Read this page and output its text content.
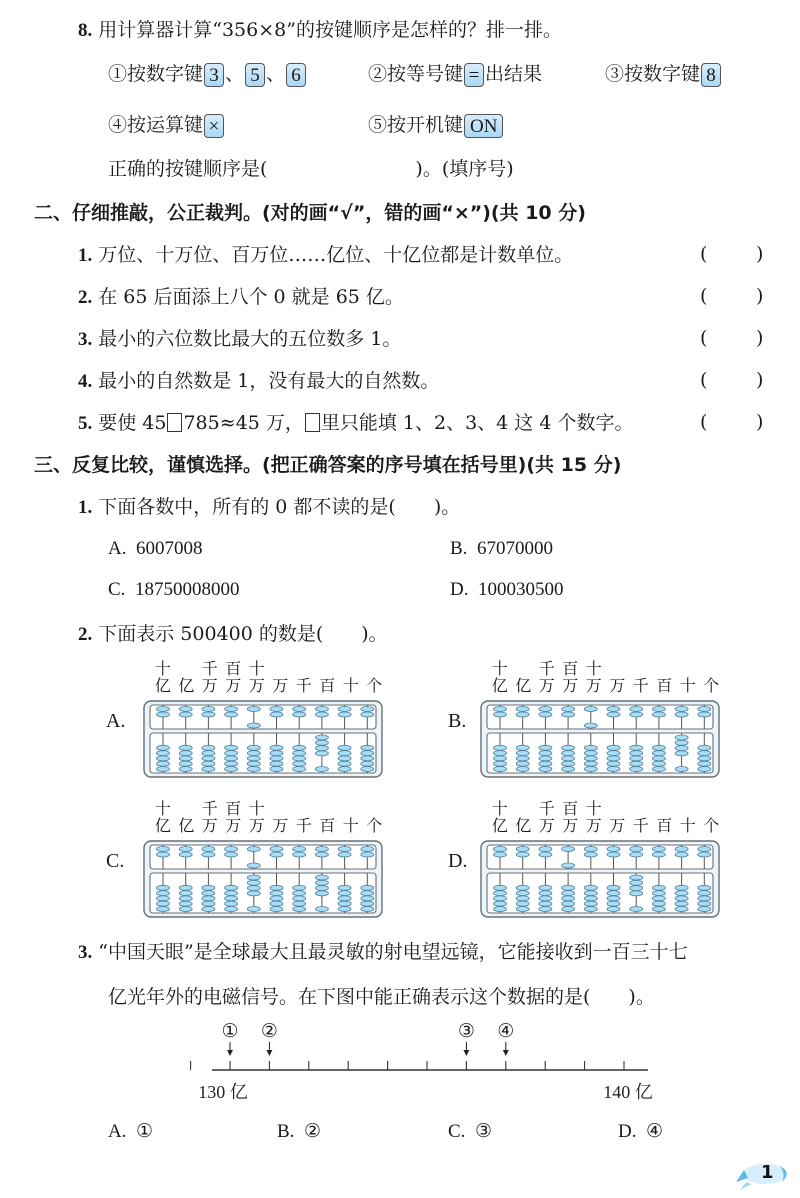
8. 用计算器计算“356×8”的按键顺序是怎样的？排一排。
①按数字键 3 、 5 、 6	②按等号键 = 出结果	③按数字键 8
④按运算键 ×	⑤按开机键 ON
正确的按键顺序是(	)。(填序号)
二、仔细推敲，公正裁判。(对的画“√”，错的画“×”)(共 10 分)
1. 万位、十万位、百万位……亿位、十亿位都是计数单位。	(	)
2. 在 65 后面添上八个 0 就是 65 亿。	(	)
3. 最小的六位数比最大的五位数多 1。	(	)
4. 最小的自然数是 1，没有最大的自然数。	(	)
5. 要使 45 785≈45 万， 里只能填 1、2、3、4 这 4 个数字。	(	)
三、反复比较，谨慎选择。(把正确答案的序号填在括号里)(共 15 分)
1. 下面各数中，所有的 0 都不读的是(　　)。
A. 6007008	B. 67070000
C. 18750008000	D. 100030500
2. 下面表示 500400 的数是(　　)。
A.
十 千 百 十
亿 亿 万 万 万 万 千 百 十 个
B.
十 千 百 十
亿 亿 万 万 万 万 千 百 十 个
C.
十 千 百 十
亿 亿 万 万 万 万 千 百 十 个
D.
十 千 百 十
亿 亿 万 万 万 万 千 百 十 个
3. “中国天眼”是全球最大且最灵敏的射电望远镜，它能接收到一百三十七
亿光年外的电磁信号。在下图中能正确表示这个数据的是(　　)。
130 亿	140 亿
① ②	③ ④
A. ①	B. ②	C. ③	D. ④
1
